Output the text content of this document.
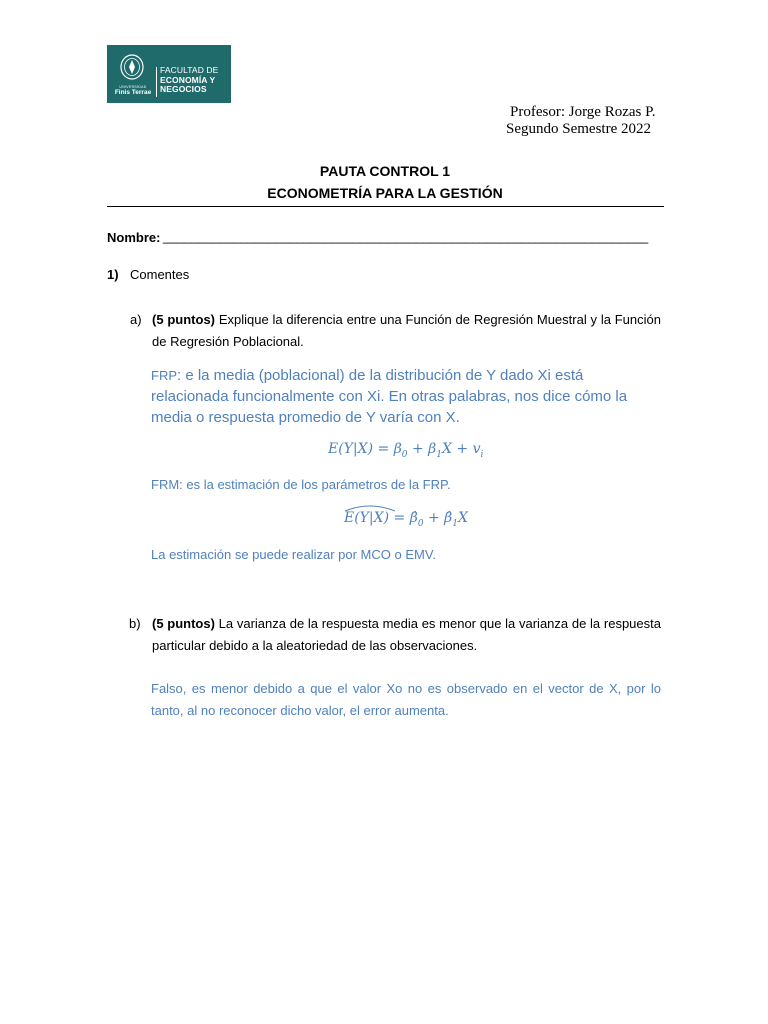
UNIVERSIDAD
Finis Terrae
FACULTAD DE
ECONOMÍA Y
NEGOCIOS
Profesor: Jorge Rozas P.
Segundo Semestre 2022
PAUTA CONTROL 1
ECONOMETRÍA PARA LA GESTIÓN
Nombre: _____________________________________________________________________
1) Comentes
a) (5 puntos) Explique la diferencia entre una Función de Regresión Muestral y la Función de Regresión Poblacional.
FRP: e la media (poblacional) de la distribución de Y dado Xi está relacionada funcionalmente con Xi. En otras palabras, nos dice cómo la media o respuesta promedio de Y varía con X.
$E(Y|X) = \beta_0 + \beta_1X + v_i$
FRM: es la estimación de los parámetros de la FRP.
$E(Y|X) = \betâ_0$ + $\betâ_1X$
La estimación se puede realizar por MCO o EMV.
b) (5 puntos) La varianza de la respuesta media es menor que la varianza de la respuesta particular debido a la aleatoriedad de las observaciones.
Falso, es menor debido a que el valor Xo no es observado en el vector de X, por lo tanto, al no reconocer dicho valor, el error aumenta.
